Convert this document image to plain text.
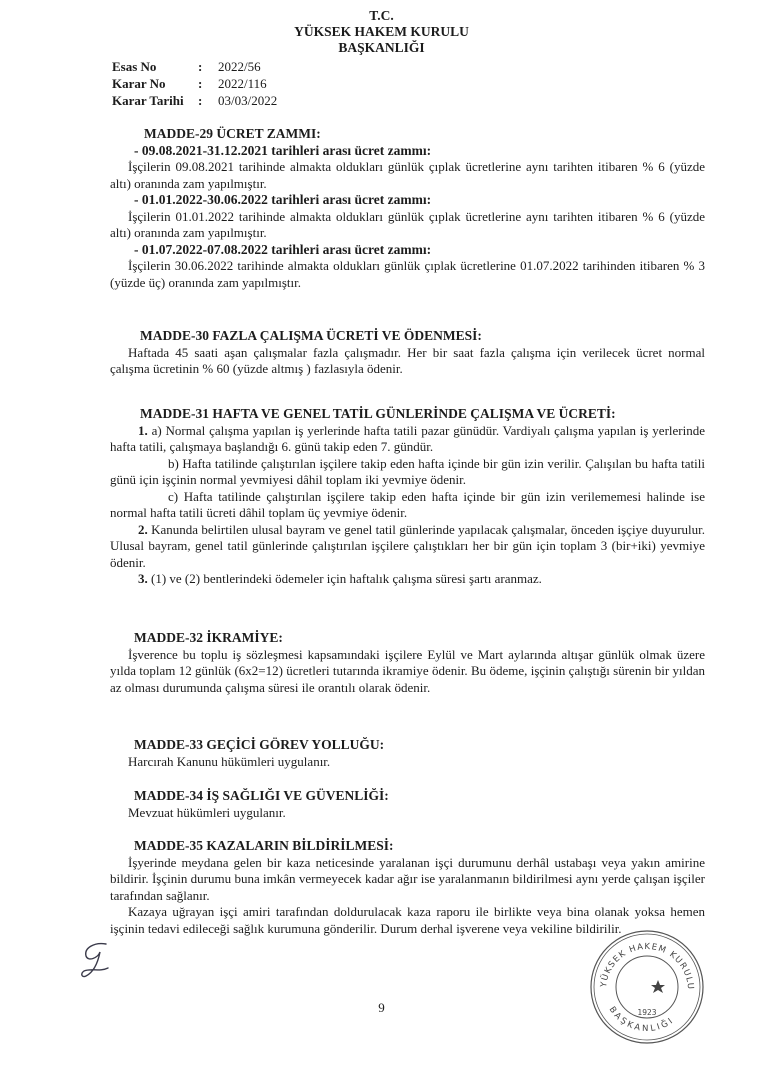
T.C.
YÜKSEK HAKEM KURULU
BAŞKANLIĞI
Esas No	:	2022/56
Karar No	:	2022/116
Karar Tarihi	:	03/03/2022
MADDE-29 ÜCRET ZAMMI:
- 09.08.2021-31.12.2021 tarihleri arası ücret zammı:
İşçilerin 09.08.2021 tarihinde almakta oldukları günlük çıplak ücretlerine aynı tarihten itibaren % 6 (yüzde altı) oranında zam yapılmıştır.
- 01.01.2022-30.06.2022 tarihleri arası ücret zammı:
İşçilerin 01.01.2022 tarihinde almakta oldukları günlük çıplak ücretlerine aynı tarihten itibaren % 6 (yüzde altı) oranında zam yapılmıştır.
- 01.07.2022-07.08.2022 tarihleri arası ücret zammı:
İşçilerin 30.06.2022 tarihinde almakta oldukları günlük çıplak ücretlerine 01.07.2022 tarihinden itibaren % 3 (yüzde üç) oranında zam yapılmıştır.
MADDE-30 FAZLA ÇALIŞMA ÜCRETİ VE ÖDENMESİ:
Haftada 45 saati aşan çalışmalar fazla çalışmadır. Her bir saat fazla çalışma için verilecek ücret normal çalışma ücretinin % 60 (yüzde altmış ) fazlasıyla ödenir.
MADDE-31 HAFTA VE GENEL TATİL GÜNLERİNDE ÇALIŞMA VE ÜCRETİ:
1. a) Normal çalışma yapılan iş yerlerinde hafta tatili pazar günüdür. Vardiyalı çalışma yapılan iş yerlerinde hafta tatili, çalışmaya başlandığı 6. günü takip eden 7. gündür.
b) Hafta tatilinde çalıştırılan işçilere takip eden hafta içinde bir gün izin verilir. Çalışılan bu hafta tatili günü için işçinin normal yevmiyesi dâhil toplam iki yevmiye ödenir.
c) Hafta tatilinde çalıştırılan işçilere takip eden hafta içinde bir gün izin verilememesi halinde ise normal hafta tatili ücreti dâhil toplam üç yevmiye ödenir.
2. Kanunda belirtilen ulusal bayram ve genel tatil günlerinde yapılacak çalışmalar, önceden işçiye duyurulur. Ulusal bayram, genel tatil günlerinde çalıştırılan işçilere çalıştıkları her bir gün için toplam 3 (bir+iki) yevmiye ödenir.
3. (1) ve (2) bentlerindeki ödemeler için haftalık çalışma süresi şartı aranmaz.
MADDE-32 İKRAMİYE:
İşverence bu toplu iş sözleşmesi kapsamındaki işçilere Eylül ve Mart aylarında altışar günlük olmak üzere yılda toplam 12 günlük (6x2=12) ücretleri tutarında ikramiye ödenir. Bu ödeme, işçinin çalıştığı sürenin bir yıldan az olması durumunda çalışma süresi ile orantılı olarak ödenir.
MADDE-33 GEÇİCİ GÖREV YOLLUĞU:
Harcırah Kanunu hükümleri uygulanır.
MADDE-34 İŞ SAĞLIĞI VE GÜVENLİĞİ:
Mevzuat hükümleri uygulanır.
MADDE-35 KAZALARIN BİLDİRİLMESİ:
İşyerinde meydana gelen bir kaza neticesinde yaralanan işçi durumunu derhâl ustabaşı veya yakın amirine bildirir. İşçinin durumu buna imkân vermeyecek kadar ağır ise yaralanmanın bildirilmesi aynı yerde çalışan işçiler tarafından sağlanır.
Kazaya uğrayan işçi amiri tarafından doldurulacak kaza raporu ile birlikte veya bina olanak yoksa hemen işçinin tedavi edileceği sağlık kurumuna gönderilir. Durum derhal işverene veya vekiline bildirilir.
9
YÜKSEK HAKEM KURULU
BAŞKANLIĞI
1923
